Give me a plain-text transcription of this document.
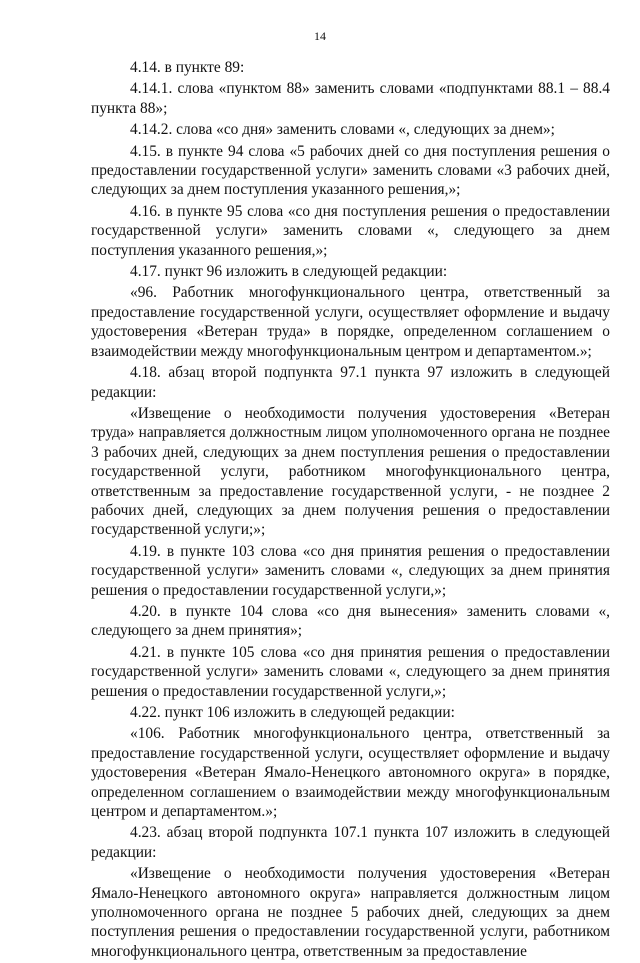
14

4.14. в пункте 89:

4.14.1. слова «пунктом 88» заменить словами «подпунктами 88.1 – 88.4 пункта 88»;

4.14.2. слова «со дня» заменить словами «, следующих за днем»;

4.15. в пункте 94 слова «5 рабочих дней со дня поступления решения о предоставлении государственной услуги» заменить словами «3 рабочих дней, следующих за днем поступления указанного решения,»;

4.16. в пункте 95 слова «со дня поступления решения о предоставлении государственной услуги» заменить словами «, следующего за днем поступления указанного решения,»;

4.17. пункт 96 изложить в следующей редакции:

«96. Работник многофункционального центра, ответственный за предоставление государственной услуги, осуществляет оформление и выдачу удостоверения «Ветеран труда» в порядке, определенном соглашением о взаимодействии между многофункциональным центром и департаментом.»;

4.18. абзац второй подпункта 97.1 пункта 97 изложить в следующей редакции:

«Извещение о необходимости получения удостоверения «Ветеран труда» направляется должностным лицом уполномоченного органа не позднее 3 рабочих дней, следующих за днем поступления решения о предоставлении государственной услуги, работником многофункционального центра, ответственным за предоставление государственной услуги, - не позднее 2 рабочих дней, следующих за днем получения решения о предоставлении государственной услуги;»;

4.19. в пункте 103 слова «со дня принятия решения о предоставлении государственной услуги» заменить словами «, следующих за днем принятия решения о предоставлении государственной услуги,»;

4.20. в пункте 104 слова «со дня вынесения» заменить словами «, следующего за днем принятия»;

4.21. в пункте 105 слова «со дня принятия решения о предоставлении государственной услуги» заменить словами «, следующего за днем принятия решения о предоставлении государственной услуги,»;

4.22. пункт 106 изложить в следующей редакции:

«106. Работник многофункционального центра, ответственный за предоставление государственной услуги, осуществляет оформление и выдачу удостоверения «Ветеран Ямало-Ненецкого автономного округа» в порядке, определенном соглашением о взаимодействии между многофункциональным центром и департаментом.»;

4.23. абзац второй подпункта 107.1 пункта 107 изложить в следующей редакции:

«Извещение о необходимости получения удостоверения «Ветеран Ямало-Ненецкого автономного округа» направляется должностным лицом уполномоченного органа не позднее 5 рабочих дней, следующих за днем поступления решения о предоставлении государственной услуги, работником многофункционального центра, ответственным за предоставление
